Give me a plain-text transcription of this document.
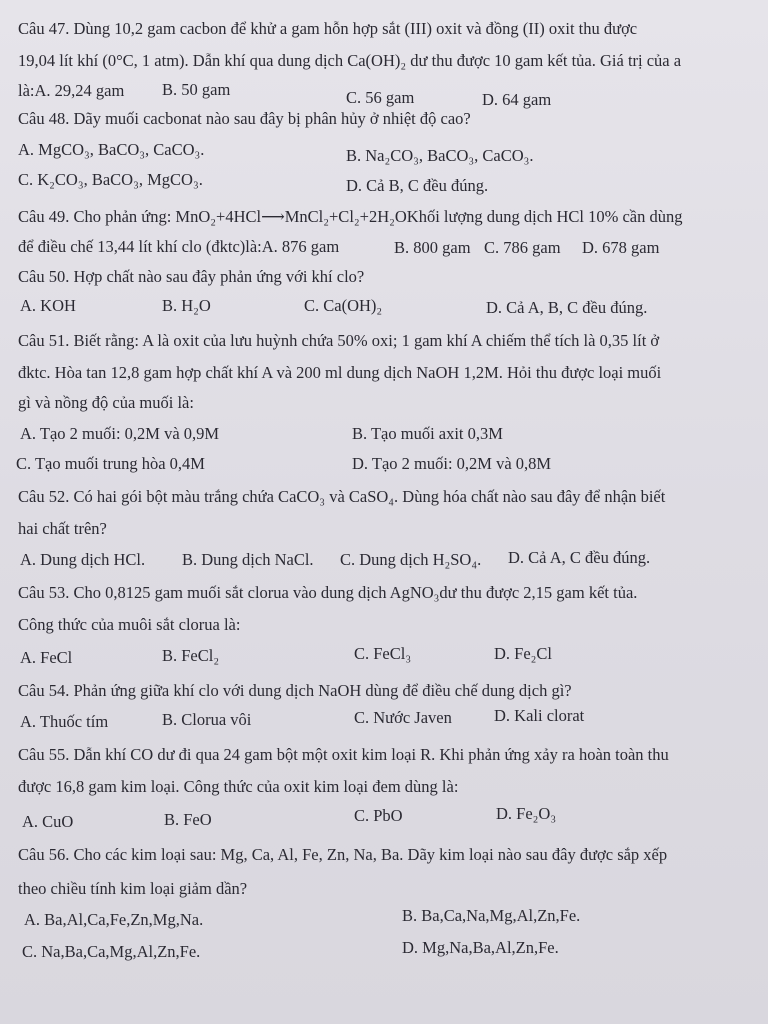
Câu 47. Dùng 10,2 gam cacbon để khử a gam hỗn hợp sắt (III) oxit và đồng (II) oxit thu được
19,04 lít khí (0°C, 1 atm). Dẫn khí qua dung dịch Ca(OH)₂ dư thu được 10 gam kết tủa. Giá trị của a
là:A. 29,24 gam	B. 50 gam	C. 56 gam	D. 64 gam
Câu 48. Dãy muối cacbonat nào sau đây bị phân hủy ở nhiệt độ cao?
A. MgCO₃, BaCO₃, CaCO₃.	B. Na₂CO₃, BaCO₃, CaCO₃.
C. K₂CO₃, BaCO₃, MgCO₃.	D. Cả B, C đều đúng.
Câu 49. Cho phản ứng: MnO₂+4HCl⟶MnCl₂+Cl₂+2H₂OKhối lượng dung dịch HCl 10% cần dùng
để điều chế 13,44 lít khí clo (đktc)là:A. 876 gam	B. 800 gam C. 786 gam D. 678 gam
Câu 50. Hợp chất nào sau đây phản ứng với khí clo?
A. KOH	B. H₂O	C. Ca(OH)₂	D. Cả A, B, C đều đúng.
Câu 51. Biết rằng: A là oxit của lưu huỳnh chứa 50% oxi; 1 gam khí A chiếm thể tích là 0,35 lít ở
đktc. Hòa tan 12,8 gam hợp chất khí A và 200 ml dung dịch NaOH 1,2M. Hỏi thu được loại muối
gì và nồng độ của muối là:
A. Tạo 2 muối: 0,2M và 0,9M	B. Tạo muối axit 0,3M
C. Tạo muối trung hòa 0,4M	D. Tạo 2 muối: 0,2M và 0,8M
Câu 52. Có hai gói bột màu trắng chứa CaCO₃ và CaSO₄. Dùng hóa chất nào sau đây để nhận biết
hai chất trên?
A. Dung dịch HCl. B. Dung dịch NaCl. C. Dung dịch H₂SO₄. D. Cả A, C đều đúng.
Câu 53. Cho 0,8125 gam muối sắt clorua vào dung dịch AgNO₃dư thu được 2,15 gam kết tủa.
Công thức của muôi sắt clorua là:
A. FeCl	B. FeCl₂	C. FeCl₃	D. Fe₂Cl
Câu 54. Phản ứng giữa khí clo với dung dịch NaOH dùng để điều chế dung dịch gì?
A. Thuốc tím	B. Clorua vôi	C. Nước Javen	D. Kali clorat
Câu 55. Dẫn khí CO dư đi qua 24 gam bột một oxit kim loại R. Khi phản ứng xảy ra hoàn toàn thu
được 16,8 gam kim loại. Công thức của oxit kim loại đem dùng là:
A. CuO	B. FeO	C. PbO	D. Fe₂O₃
Câu 56. Cho các kim loại sau: Mg, Ca, Al, Fe, Zn, Na, Ba. Dãy kim loại nào sau đây được sắp xếp
theo chiều tính kim loại giảm dần?
A. Ba,Al,Ca,Fe,Zn,Mg,Na.	B. Ba,Ca,Na,Mg,Al,Zn,Fe.
C. Na,Ba,Ca,Mg,Al,Zn,Fe.	D. Mg,Na,Ba,Al,Zn,Fe.
